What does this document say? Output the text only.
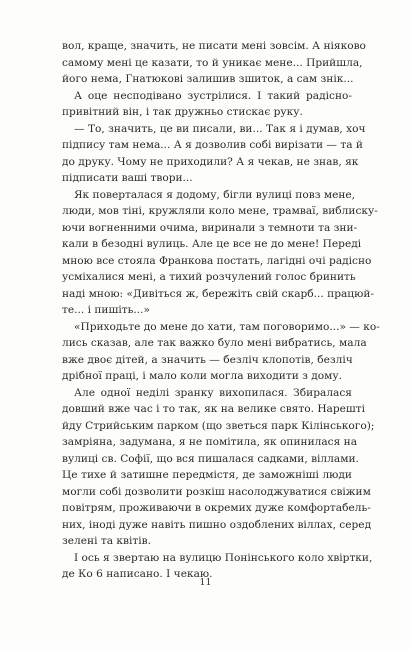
вол, краще, значить, не писати мені зовсім. А ніяково
самому мені це казати, то й уникає мене... Прийшла,
його нема, Гнатюкові залишив зшиток, а сам знік...
А оце несподівано зустрілися. І такий радісно-
привітний він, і так дружньо стискає руку.
— То, значить, це ви писали, ви... Так я і думав, хоч
підпису там нема... А я дозволив собі вирізати — та й
до друку. Чому не приходили? А я чекав, не знав, як
підписати ваші твори...
Як поверталася я додому, бігли вулиці повз мене,
люди, мов тіні, кружляли коло мене, трамваї, виблиску-
ючи вогненними очима, виринали з темноти та зни-
кали в безодні вулиць. Але це все не до мене! Переді
мною все стояла Франкова постать, лагідні очі радісно
усміхалися мені, а тихий розчулений голос бринить
наді мною: «Дивіться ж, бережіть свій скарб... працюй-
те... і пишіть...»
«Приходьте до мене до хати, там поговоримо...» — ко-
лись сказав, але так важко було мені вибратись, мала
вже двоє дітей, а значить — безліч клопотів, безліч
дрібної праці, і мало коли могла виходити з дому.
Але одної неділі зранку вихопилася. Збиралася
довший вже час і то так, як на велике свято. Нарешті
йду Стрийським парком (що зветься парк Кілінського);
замріяна, задумана, я не помітила, як опинилася на
вулиці св. Софії, що вся пишалася садками, віллами.
Це тихе й затишне передмістя, де заможніші люди
могли собі дозволити розкіш насолоджуватися свіжим
повітрям, проживаючи в окремих дуже комфортабель-
них, іноді дуже навіть пишно оздоблених віллах, серед
зелені та квітів.
І ось я звертаю на вулицю Понінського коло хвіртки,
де Ко 6 написано. І чекаю.
11
